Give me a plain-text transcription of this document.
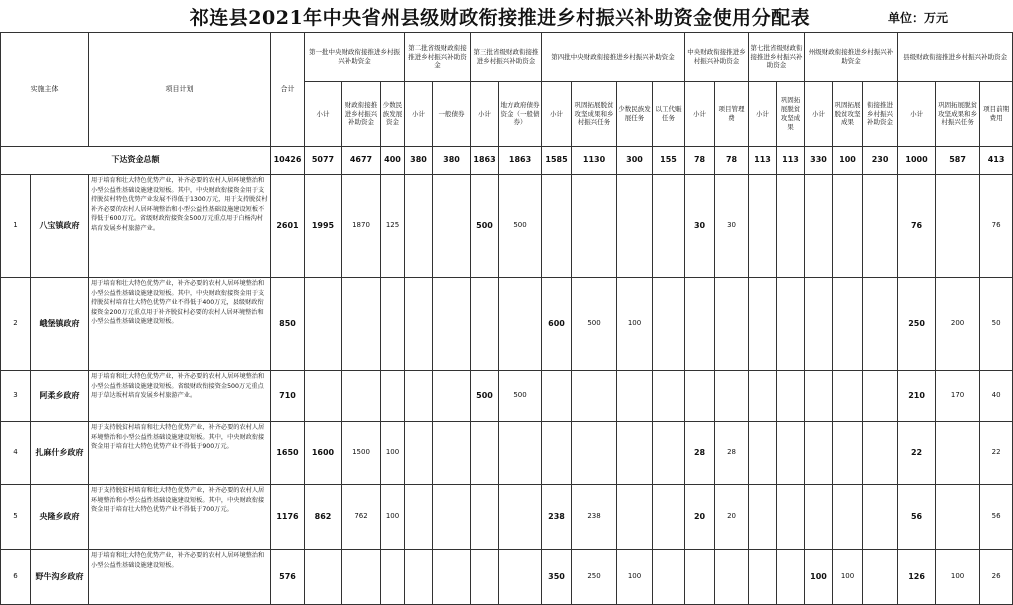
祁连县2021年中央省州县级财政衔接推进乡村振兴补助资金使用分配表	单位：万元
实施主体		项目计划	合计	第一批中央财政衔接推进乡村振兴补助资金			第二批省级财政衔接推进乡村振兴补助资金		第三批省级财政衔接推进乡村振兴补助资金		第四批中央财政衔接推进乡村振兴补助资金				中央财政衔接推进乡村振兴补助资金		第七批省级财政衔接推进乡村振兴补助资金		州级财政衔接推进乡村振兴补助资金			县级财政衔接推进乡村振兴补助资金		
				小计	财政衔接推进乡村振兴补助资金	少数民族发展资金	小计	一般债券	小计	地方政府债券资金（一般债券）	小计	巩固拓展脱贫攻坚成果和乡村振兴任务	少数民族发展任务	以工代赈任务	小计	项目管理费	小计	巩固拓展脱贫攻坚成果	小计	巩固拓展脱贫攻坚成果	衔接推进乡村振兴补助资金	小计	巩固拓展脱贫攻坚成果和乡村振兴任务	项目前期费用
下达资金总额			10426	5077	4677	400	380	380	1863	1863	1585	1130	300	155	78	78	113	113	330	100	230	1000	587	413
1	八宝镇政府	用于培育和壮大特色优势产业，补齐必要的农村人居环境整治和小型公益性基础设施建设短板。其中，中央财政衔接资金用于支持脱贫村特色优势产业发展不得低于1300万元，用于支持脱贫村补齐必要的农村人居环境整治和小型公益性基础设施建设短板不得低于600万元。省级财政衔接资金500万元重点用于白杨沟村培育发展乡村旅游产业。	2601	1995	1870	125			500	500					30	30						76		76
2	峨堡镇政府	用于培育和壮大特色优势产业，补齐必要的农村人居环境整治和小型公益性基础设施建设短板。其中，中央财政衔接资金用于支持脱贫村培育壮大特色优势产业不得低于400万元，县级财政衔接资金200万元重点用于补齐脱贫村必要的农村人居环境整治和小型公益性基础设施建设短板。	850								600	500	100									250	200	50
3	阿柔乡政府	用于培育和壮大特色优势产业，补齐必要的农村人居环境整治和小型公益性基础设施建设短板。省级财政衔接资金500万元重点用于草达坂村培育发展乡村旅游产业。	710						500	500												210	170	40
4	扎麻什乡政府	用于支持脱贫村培育和壮大特色优势产业，补齐必要的农村人居环境整治和小型公益性基础设施建设短板。其中，中央财政衔接资金用于培育壮大特色优势产业不得低于900万元。	1650	1600	1500	100									28	28						22		22
5	央隆乡政府	用于支持脱贫村培育和壮大特色优势产业，补齐必要的农村人居环境整治和小型公益性基础设施建设短板。其中，中央财政衔接资金用于培育壮大特色优势产业不得低于700万元。	1176	862	762	100					238	238			20	20						56		56
6	野牛沟乡政府	用于培育和壮大特色优势产业，补齐必要的农村人居环境整治和小型公益性基础设施建设短板。	576								350	250	100						100	100		126	100	26
